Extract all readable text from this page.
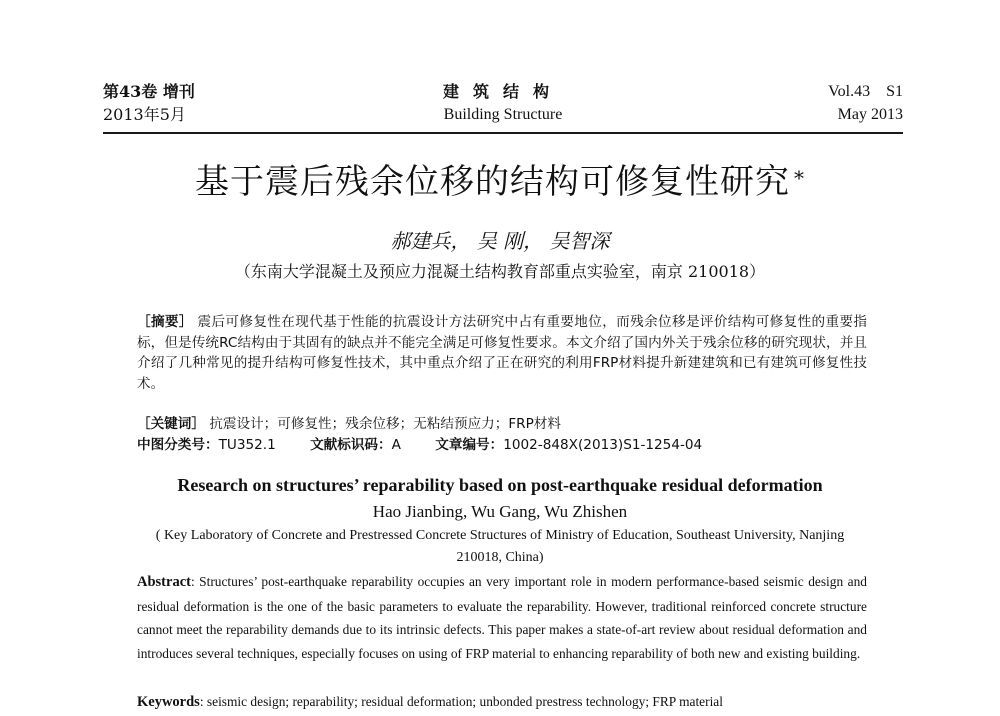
第43卷 增刊
2013年5月
建筑结构
Building Structure
Vol.43　S1
May 2013
基于震后残余位移的结构可修复性研究 *
郝建兵， 吴 刚， 吴智深
（东南大学混凝土及预应力混凝土结构教育部重点实验室，南京 210018）
［摘要］ 震后可修复性在现代基于性能的抗震设计方法研究中占有重要地位，而残余位移是评价结构可修复性的重要指标，但是传统RC结构由于其固有的缺点并不能完全满足可修复性要求。本文介绍了国内外关于残余位移的研究现状，并且介绍了几种常见的提升结构可修复性技术，其中重点介绍了正在研究的利用FRP材料提升新建建筑和已有建筑可修复性技术。
［关键词］ 抗震设计；可修复性；残余位移；无粘结预应力；FRP材料
中图分类号：TU352.1	文献标识码：A	文章编号：1002-848X(2013)S1-1254-04
Research on structures’ reparability based on post-earthquake residual deformation
Hao Jianbing, Wu Gang, Wu Zhishen
( Key Laboratory of Concrete and Prestressed Concrete Structures of Ministry of Education, Southeast University, Nanjing 210018, China)
Abstract: Structures’ post-earthquake reparability occupies an very important role in modern performance-based seismic design and residual deformation is the one of the basic parameters to evaluate the reparability. However, traditional reinforced concrete structure cannot meet the reparability demands due to its intrinsic defects. This paper makes a state-of-art review about residual deformation and introduces several techniques, especially focuses on using of FRP material to enhancing reparability of both new and existing building.
Keywords: seismic design; reparability; residual deformation; unbonded prestress technology; FRP material
